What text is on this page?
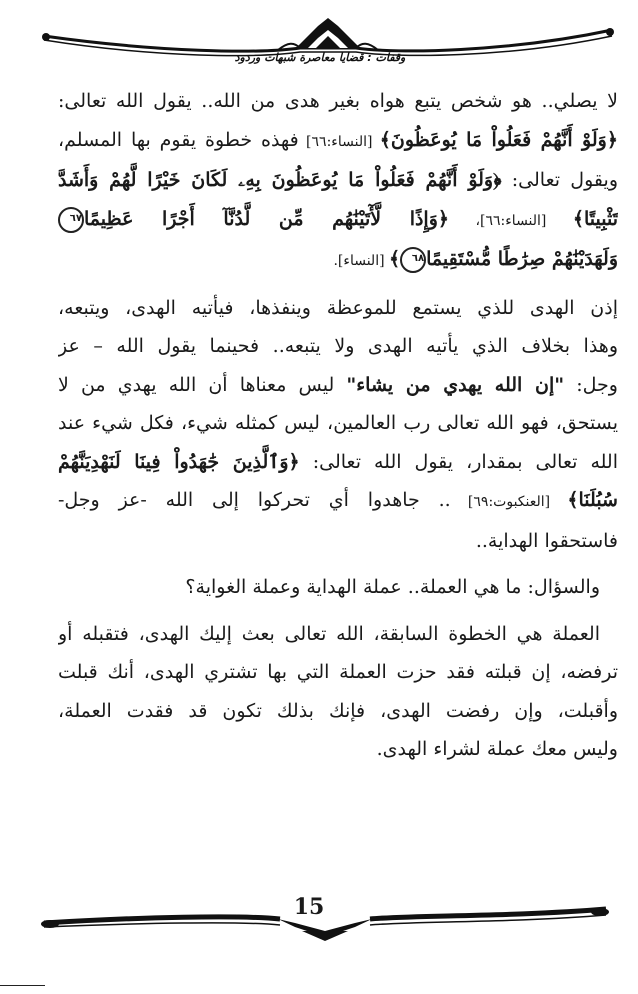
وقفات : قضايا معاصرة شبهات وردود
لا يصلي.. هو شخص يتبع هواه بغير هدى من الله.. يقول الله تعالى:
﴿وَلَوْ أَنَّهُمْ فَعَلُواْ مَا يُوعَظُونَ﴾ [النساء:٦٦] فهذه خطوة يقوم بها المسلم،
ويقول تعالى: ﴿وَلَوْ أَنَّهُمْ فَعَلُواْ مَا يُوعَظُونَ بِهِۦ لَكَانَ خَيْرًا لَّهُمْ وَأَشَدَّ
تَثْبِيتًا﴾ [النساء:٦٦]، ﴿وَإِذًا لَّأٓتَيْنَٰهُم مِّن لَّدُنَّآ أَجْرًا عَظِيمًا٦٧
وَلَهَدَيْنَٰهُمْ صِرَٰطًا مُّسْتَقِيمًا٦٨﴾ [النساء].
إذن الهدى للذي يستمع للموعظة وينفذها، فيأتيه الهدى، ويتبعه،
وهذا بخلاف الذي يأتيه الهدى ولا يتبعه.. فحينما يقول الله – عز
وجل: "إن الله يهدي من يشاء" ليس معناها أن الله يهدي من لا
يستحق، فهو الله تعالى رب العالمين، ليس كمثله شيء، فكل شيء عند
الله تعالى بمقدار، يقول الله تعالى: ﴿وَٱلَّذِينَ جَٰهَدُواْ فِينَا لَنَهْدِيَنَّهُمْ
سُبُلَنَا﴾ [العنكبوت:٦٩] .. جاهدوا أي تحركوا إلى الله -عز وجل-
فاستحقوا الهداية..
والسؤال: ما هي العملة.. عملة الهداية وعملة الغواية؟
العملة هي الخطوة السابقة، الله تعالى بعث إليك الهدى، فتقبله أو
ترفضه، إن قبلته فقد حزت العملة التي بها تشتري الهدى، أنك قبلت
وأقبلت، وإن رفضت الهدى، فإنك بذلك تكون قد فقدت العملة،
وليس معك عملة لشراء الهدى.
15
